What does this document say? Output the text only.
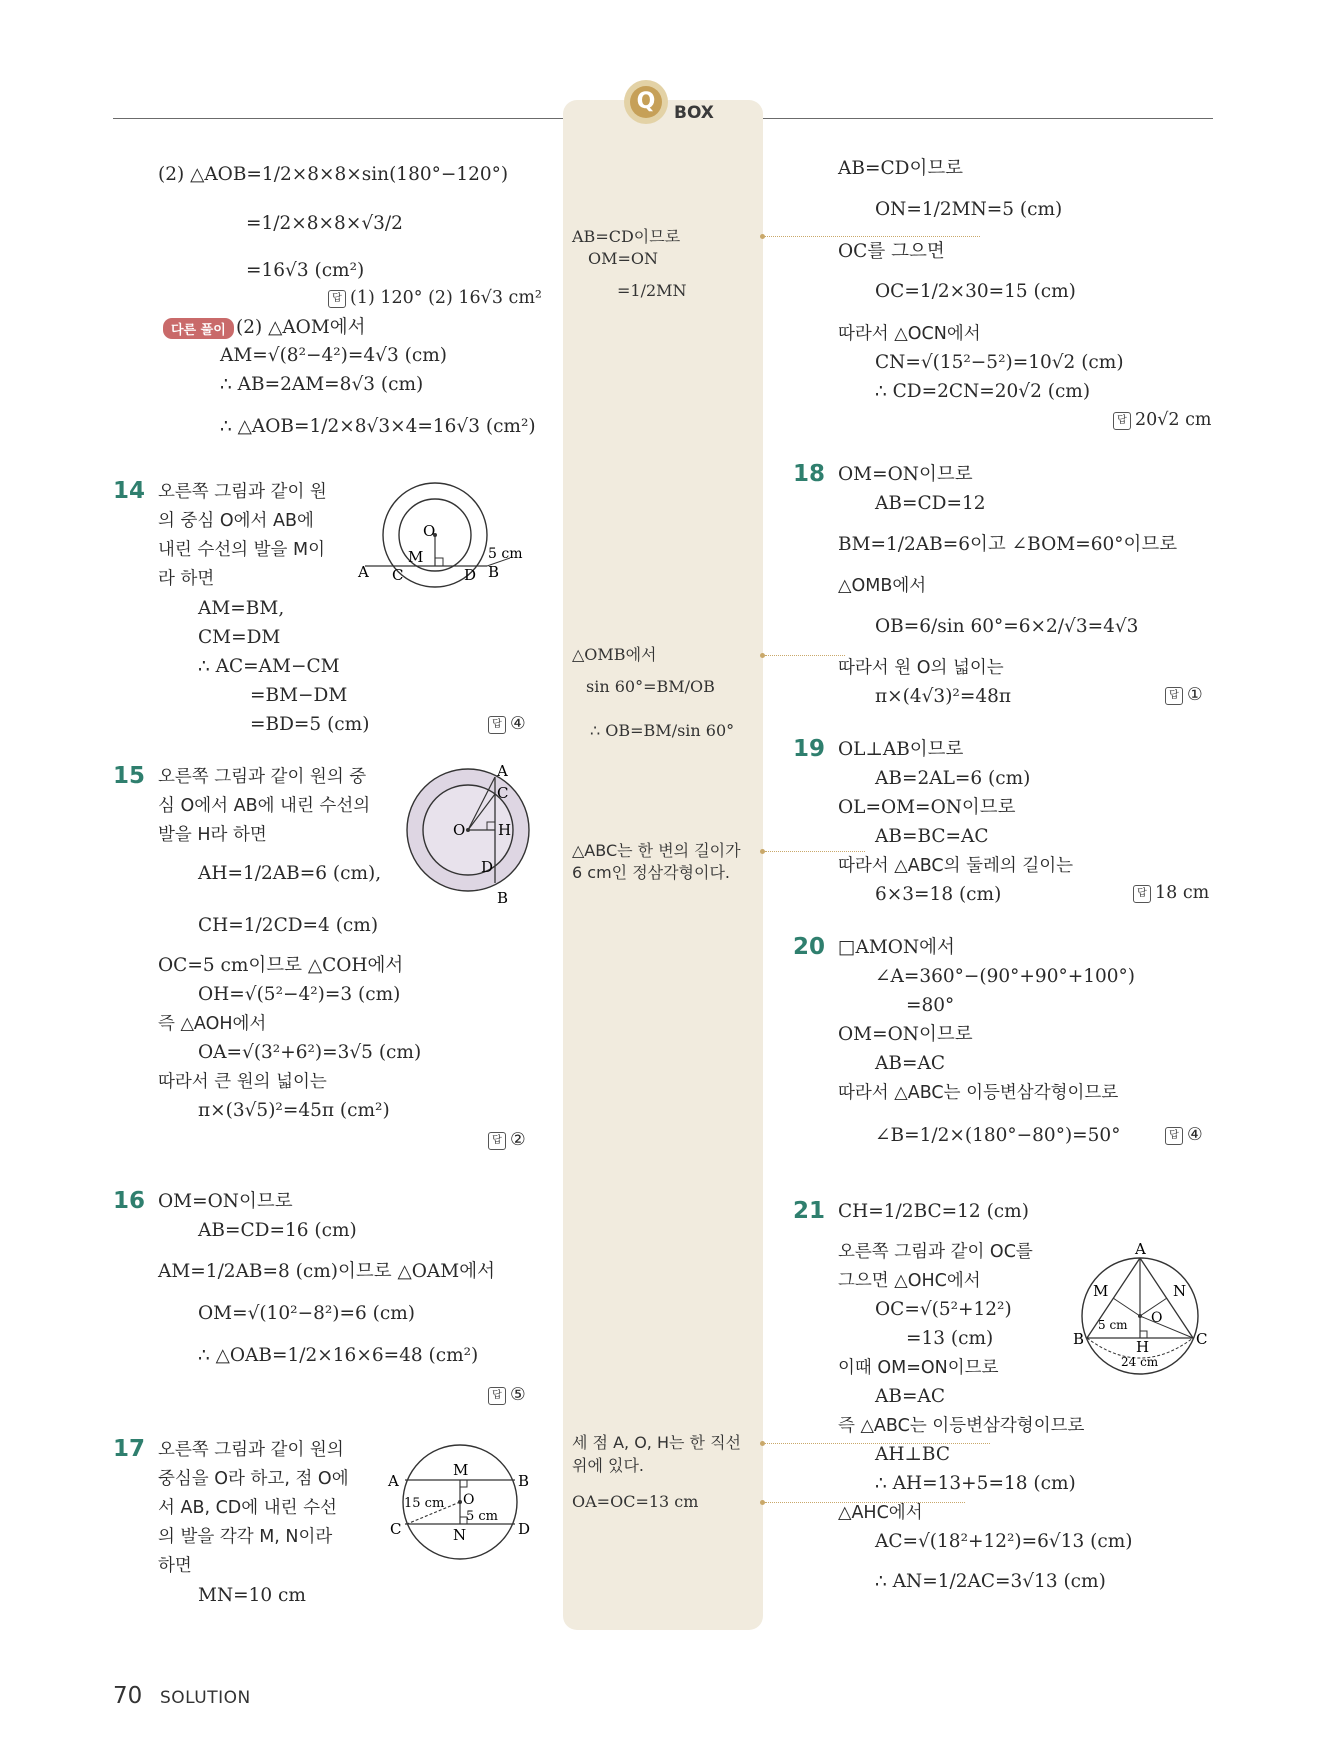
Q	BOX
(2) △AOB=1/2×8×8×sin(180°−120°)
=1/2×8×8×√3/2
=16√3 (cm²)
답 (1) 120° (2) 16√3 cm²
다른 풀이 (2) △AOM에서
AM=√(8²−4²)=4√3 (cm)
∴ AB=2AM=8√3 (cm)
∴ △AOB=1/2×8√3×4=16√3 (cm²)
14 오른쪽 그림과 같이 원
의 중심 O에서 AB에
내린 수선의 발을 M이
라 하면
AM=BM,
CM=DM
∴ AC=AM−CM
=BM−DM
=BD=5 (cm)	답 ④
O
M
A	B
C	D
5 cm
15 오른쪽 그림과 같이 원의 중
심 O에서 AB에 내린 수선의
발을 H라 하면
AH=1/2AB=6 (cm),
CH=1/2CD=4 (cm)
OC=5 cm이므로 △COH에서
OH=√(5²−4²)=3 (cm)
즉 △AOH에서
OA=√(3²+6²)=3√5 (cm)
따라서 큰 원의 넓이는
π×(3√5)²=45π (cm²)
답 ②
A
C
O H
D
B
16 OM=ON이므로
AB=CD=16 (cm)
AM=1/2AB=8 (cm)이므로 △OAM에서
OM=√(10²−8²)=6 (cm)
∴ △OAB=1/2×16×6=48 (cm²)
답 ⑤
17 오른쪽 그림과 같이 원의
중심을 O라 하고, 점 O에
서 AB, CD에 내린 수선
의 발을 각각 M, N이라
하면
MN=10 cm
A
M
B
O
C	N	D
15 cm
5 cm
AB=CD이므로
OM=ON
=1/2MN
△OMB에서
sin 60°=BM/OB
∴ OB=BM/sin 60°
△ABC는 한 변의 길이가
6 cm인 정삼각형이다.
세 점 A, O, H는 한 직선
위에 있다.
OA=OC=13 cm
AB=CD이므로
ON=1/2MN=5 (cm)
OC를 그으면
OC=1/2×30=15 (cm)
따라서 △OCN에서
CN=√(15²−5²)=10√2 (cm)
∴ CD=2CN=20√2 (cm)
답 20√2 cm
18 OM=ON이므로
AB=CD=12
BM=1/2AB=6이고 ∠BOM=60°이므로
△OMB에서
OB=6/sin 60°=6×2/√3=4√3
따라서 원 O의 넓이는
π×(4√3)²=48π	답 ①
19 OL⊥AB이므로
AB=2AL=6 (cm)
OL=OM=ON이므로
AB=BC=AC
따라서 △ABC의 둘레의 길이는
6×3=18 (cm)	답 18 cm
20 □AMON에서
∠A=360°−(90°+90°+100°)
=80°
OM=ON이므로
AB=AC
따라서 △ABC는 이등변삼각형이므로
∠B=1/2×(180°−80°)=50°	답 ④
21 CH=1/2BC=12 (cm)
오른쪽 그림과 같이 OC를
그으면 △OHC에서
OC=√(5²+12²)
=13 (cm)
이때 OM=ON이므로
AB=AC
즉 △ABC는 이등변삼각형이므로
AH⊥BC
∴ AH=13+5=18 (cm)
△AHC에서
AC=√(18²+12²)=6√13 (cm)
∴ AN=1/2AC=3√13 (cm)
A
M	N
O
B	H	C
5 cm
24 cm
70 SOLUTION
